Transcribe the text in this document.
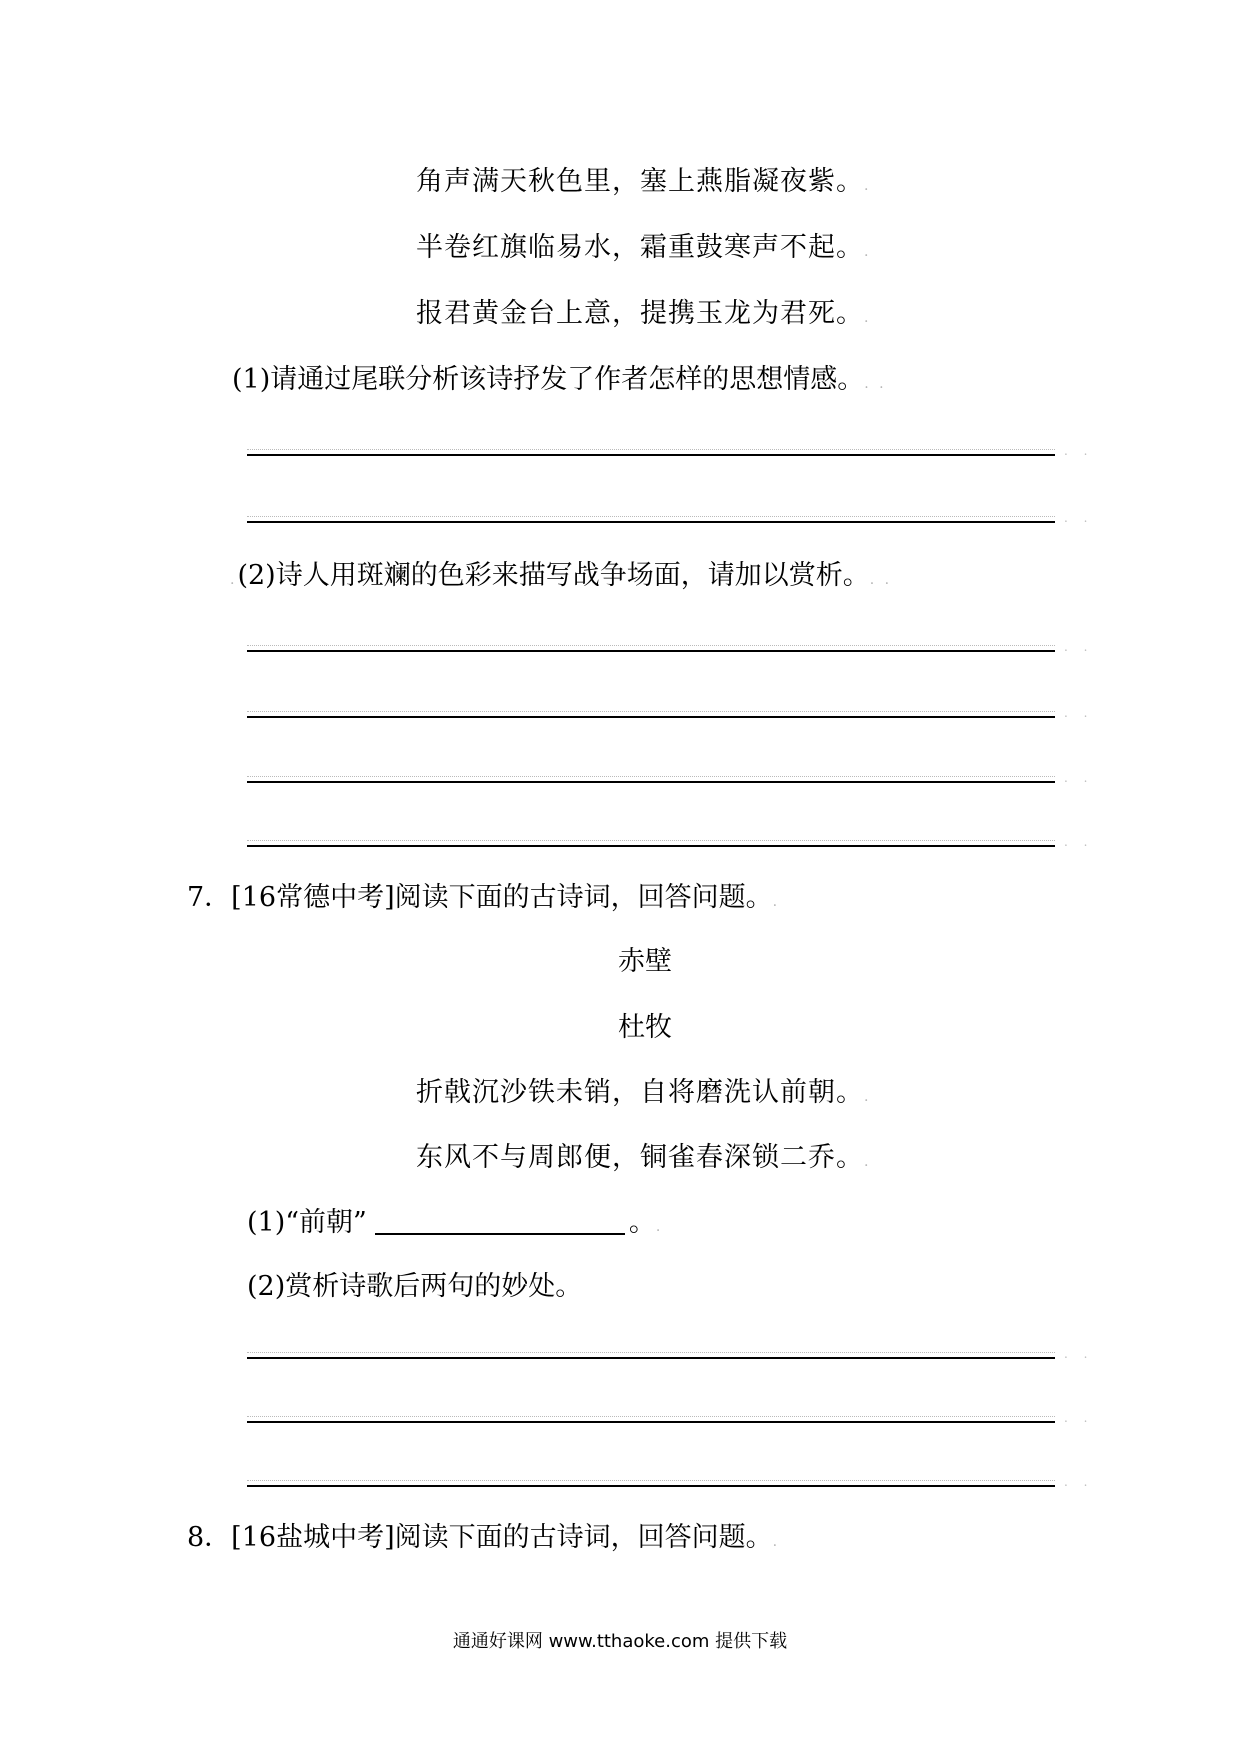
角声满天秋色里，塞上燕脂凝夜紫。.
半卷红旗临易水，霜重鼓寒声不起。.
报君黄金台上意，提携玉龙为君死。.
(1)请通过尾联分析该诗抒发了作者怎样的思想情感。. .
. .
. .
.(2)诗人用斑斓的色彩来描写战争场面，请加以赏析。. .
. .
. .
. .
. .
7．[16常德中考]阅读下面的古诗词，回答问题。.
赤壁
杜牧
折戟沉沙铁未销，自将磨洗认前朝。.
东风不与周郎便，铜雀春深锁二乔。.
(1)“前朝”	。.
(2)赏析诗歌后两句的妙处。
. .
. .
. .
8．[16盐城中考]阅读下面的古诗词，回答问题。.
通通好课网 www.tthaoke.com 提供下载
